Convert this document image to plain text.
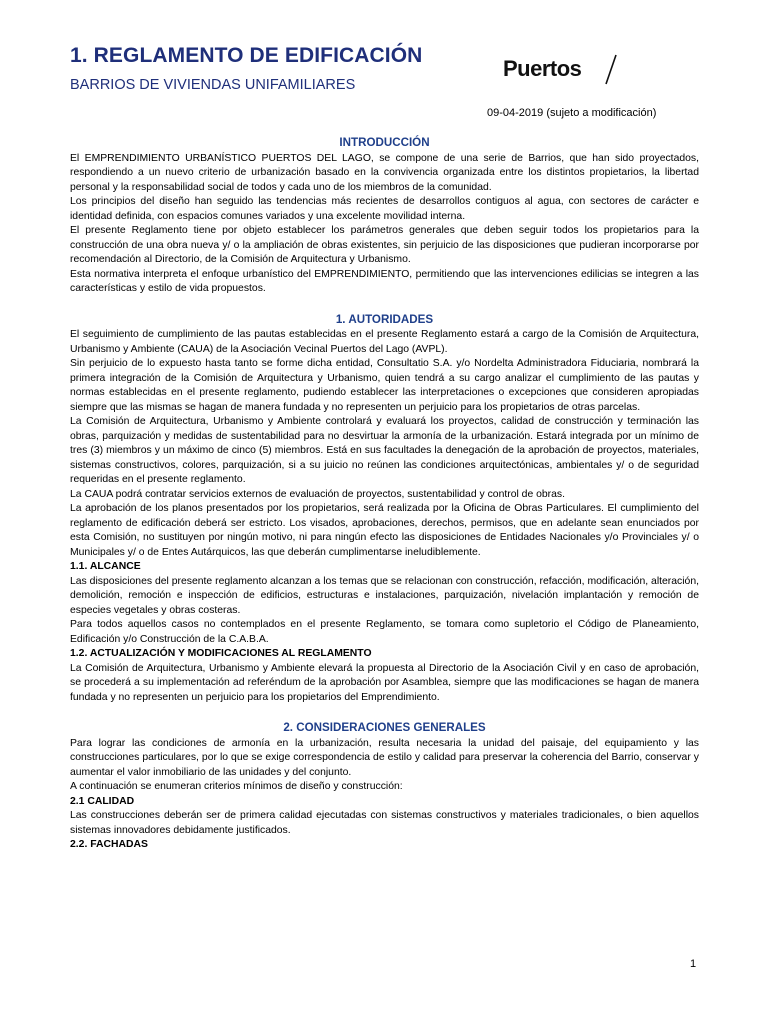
1. REGLAMENTO DE EDIFICACIÓN
BARRIOS DE VIVIENDAS UNIFAMILIARES
Puertos
09-04-2019 (sujeto a modificación)
INTRODUCCIÓN

El EMPRENDIMIENTO URBANÍSTICO PUERTOS DEL LAGO, se compone de una serie de Barrios, que han sido proyectados, respondiendo a un nuevo criterio de urbanización basado en la convivencia organizada entre los distintos propietarios, la libertad personal y la responsabilidad social de todos y cada uno de los miembros de la comunidad.

Los principios del diseño han seguido las tendencias más recientes de desarrollos contiguos al agua, con sectores de carácter e identidad definida, con espacios comunes variados y una excelente movilidad interna.

El presente Reglamento tiene por objeto establecer los parámetros generales que deben seguir todos los propietarios para la construcción de una obra nueva y/ o la ampliación de obras existentes, sin perjuicio de las disposiciones que pudieran incorporarse por recomendación al Directorio, de la Comisión de Arquitectura y Urbanismo.

Esta normativa interpreta el enfoque urbanístico del EMPRENDIMIENTO, permitiendo que las intervenciones edilicias se integren a las características y estilo de vida propuestos.

1. AUTORIDADES

El seguimiento de cumplimiento de las pautas establecidas en el presente Reglamento estará a cargo de la Comisión de Arquitectura, Urbanismo y Ambiente (CAUA) de la Asociación Vecinal Puertos del Lago (AVPL).

Sin perjuicio de lo expuesto hasta tanto se forme dicha entidad, Consultatio S.A. y/o Nordelta Administradora Fiduciaria, nombrará la primera integración de la Comisión de Arquitectura y Urbanismo, quien tendrá a su cargo analizar el cumplimiento de las pautas y normas establecidas en el presente reglamento, pudiendo establecer las interpretaciones o excepciones que consideren apropiadas siempre que las mismas se hagan de manera fundada y no representen un perjuicio para los propietarios de otras parcelas.

La Comisión de Arquitectura, Urbanismo y Ambiente controlará y evaluará los proyectos, calidad de construcción y terminación las obras, parquización y medidas de sustentabilidad para no desvirtuar la armonía de la urbanización. Estará integrada por un mínimo de tres (3) miembros y un máximo de cinco (5) miembros. Está en sus facultades la denegación de la aprobación de proyectos, materiales, sistemas constructivos, colores, parquización, si a su juicio no reúnen las condiciones arquitectónicas, ambientales y/ o de seguridad requeridas en el presente reglamento.

La CAUA podrá contratar servicios externos de evaluación de proyectos, sustentabilidad y control de obras.

La aprobación de los planos presentados por los propietarios, será realizada por la Oficina de Obras Particulares. El cumplimiento del reglamento de edificación deberá ser estricto. Los visados, aprobaciones, derechos, permisos, que en adelante sean enunciados por esta Comisión, no sustituyen por ningún motivo, ni para ningún efecto las disposiciones de Entidades Nacionales y/o Provinciales y/ o Municipales y/ o de Entes Autárquicos, las que deberán cumplimentarse ineludiblemente.

1.1. ALCANCE

Las disposiciones del presente reglamento alcanzan a los temas que se relacionan con construcción, refacción, modificación, alteración, demolición, remoción e inspección de edificios, estructuras e instalaciones, parquización, nivelación implantación y remoción de especies vegetales y obras costeras.

Para todos aquellos casos no contemplados en el presente Reglamento, se tomara como supletorio el Código de Planeamiento, Edificación y/o Construcción de la C.A.B.A.

1.2. ACTUALIZACIÓN Y MODIFICACIONES AL REGLAMENTO

La Comisión de Arquitectura, Urbanismo y Ambiente elevará la propuesta al Directorio de la Asociación Civil y en caso de aprobación, se procederá a su implementación ad referéndum de la aprobación por Asamblea, siempre que las modificaciones se hagan de manera fundada y no representen un perjuicio para los propietarios del Emprendimiento.

2. CONSIDERACIONES GENERALES

Para lograr las condiciones de armonía en la urbanización, resulta necesaria la unidad del paisaje, del equipamiento y las construcciones particulares, por lo que se exige correspondencia de estilo y calidad para preservar la coherencia del Barrio, conservar y aumentar el valor inmobiliario de las unidades y del conjunto.

A continuación se enumeran criterios mínimos de diseño y construcción:

2.1 CALIDAD

Las construcciones deberán ser de primera calidad ejecutadas con sistemas constructivos y materiales tradicionales, o bien aquellos sistemas innovadores debidamente justificados.

2.2. FACHADAS
1
